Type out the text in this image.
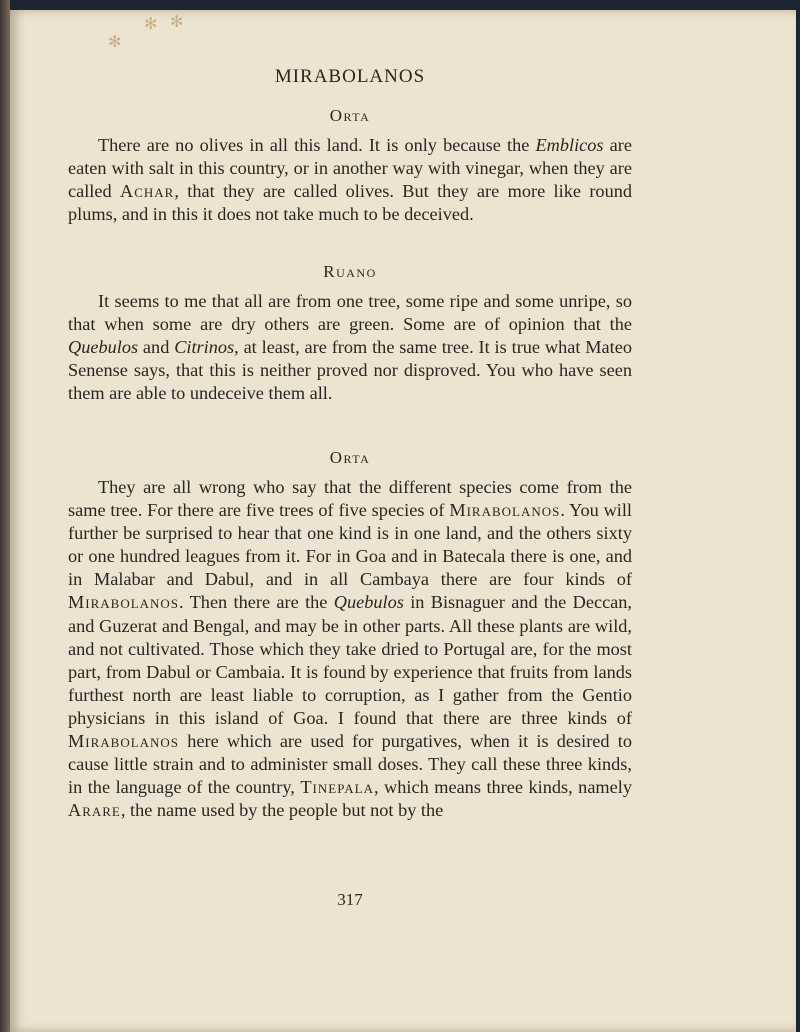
✻
✻ ✻
MIRABOLANOS
Orta

There are no olives in all this land. It is only because the Emblicos are eaten with salt in this country, or in another way with vinegar, when they are called Achar, that they are called olives. But they are more like round plums, and in this it does not take much to be deceived.

Ruano

It seems to me that all are from one tree, some ripe and some unripe, so that when some are dry others are green. Some are of opinion that the Quebulos and Citrinos, at least, are from the same tree. It is true what Mateo Senense says, that this is neither proved nor disproved. You who have seen them are able to undeceive them all.

Orta

They are all wrong who say that the different species come from the same tree. For there are five trees of five species of Mirabolanos. You will further be surprised to hear that one kind is in one land, and the others sixty or one hundred leagues from it. For in Goa and in Batecala there is one, and in Malabar and Dabul, and in all Cambaya there are four kinds of Mirabolanos. Then there are the Quebulos in Bisnaguer and the Deccan, and Guzerat and Bengal, and may be in other parts. All these plants are wild, and not cultivated. Those which they take dried to Portugal are, for the most part, from Dabul or Cambaia. It is found by experience that fruits from lands furthest north are least liable to corruption, as I gather from the Gentio physicians in this island of Goa. I found that there are three kinds of Mirabolanos here which are used for purgatives, when it is desired to cause little strain and to administer small doses. They call these three kinds, in the language of the country, Tinepala, which means three kinds, namely Arare, the name used by the people but not by the

317
